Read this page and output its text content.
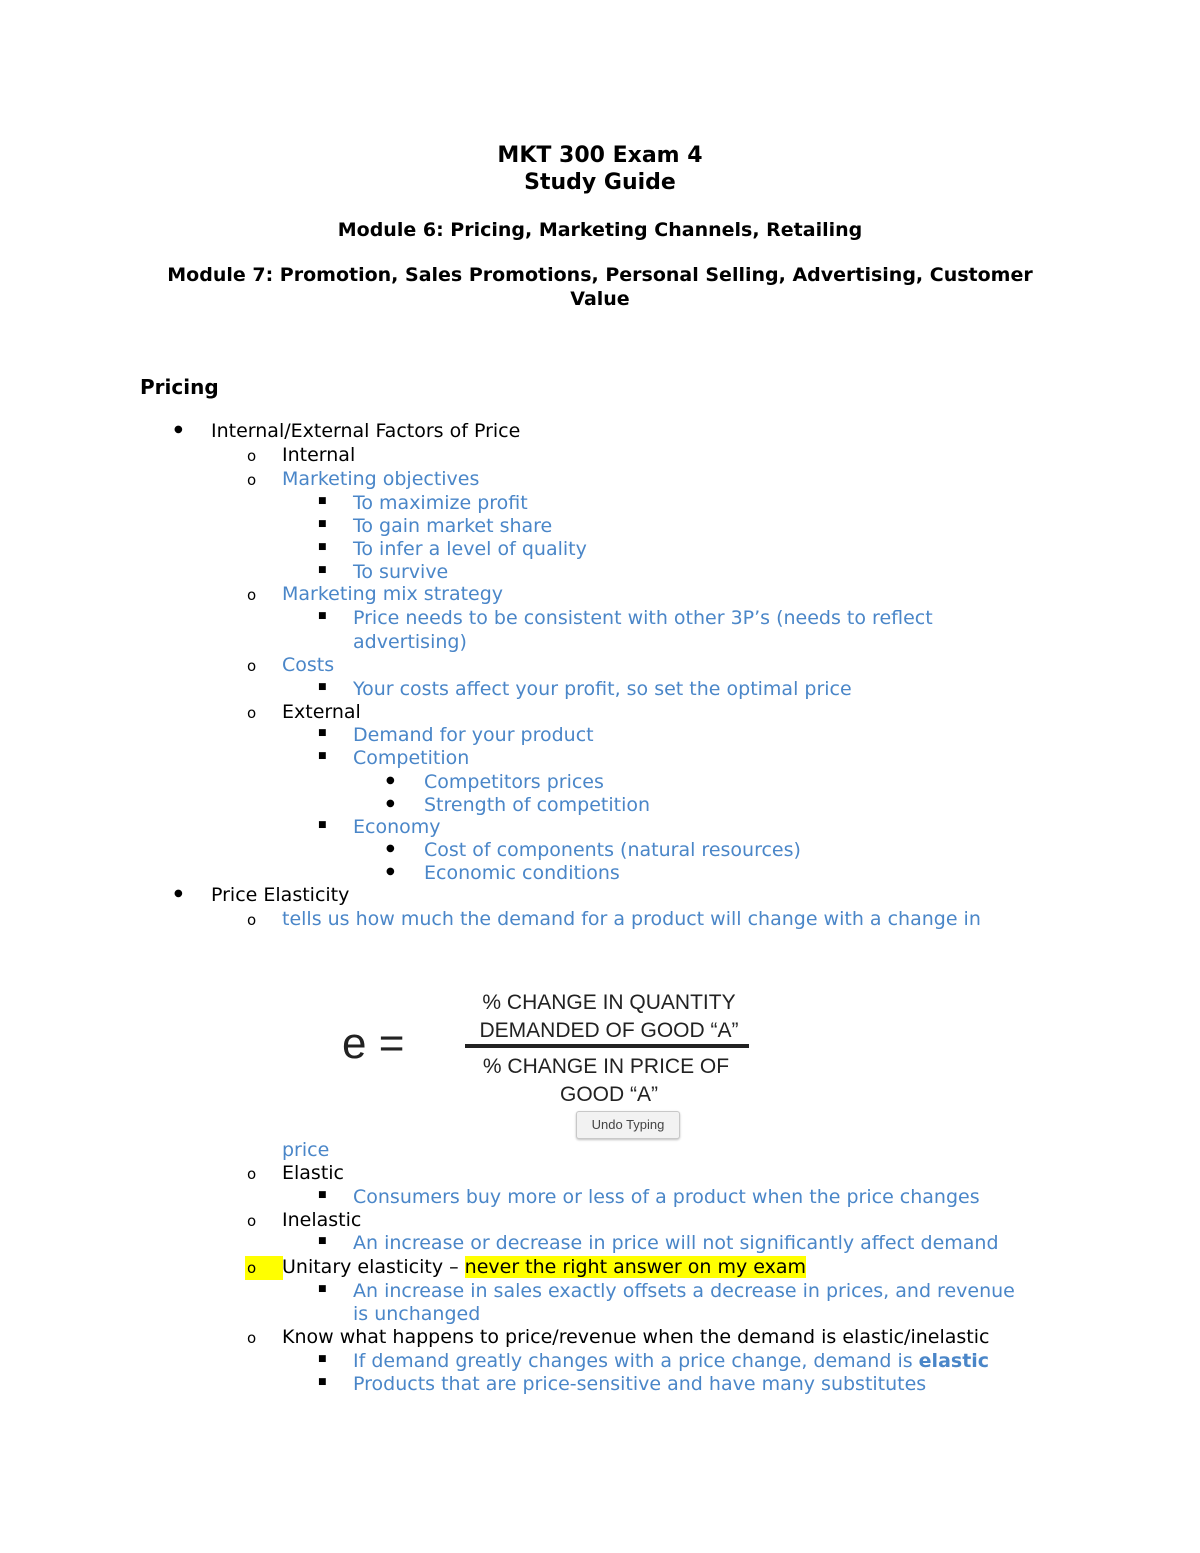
MKT 300 Exam 4
Study Guide
Module 6: Pricing, Marketing Channels, Retailing
Module 7: Promotion, Sales Promotions, Personal Selling, Advertising, Customer Value
Pricing
●
Internal/External Factors of Price
o
Internal
o
Marketing objectives
■
To maximize profit
■
To gain market share
■
To infer a level of quality
■
To survive
o
Marketing mix strategy
■
Price needs to be consistent with other 3P’s (needs to reflect
advertising)
o
Costs
■
Your costs affect your profit, so set the optimal price
o
External
■
Demand for your product
■
Competition
●
Competitors prices
●
Strength of competition
■
Economy
●
Cost of components (natural resources)
●
Economic conditions
●
Price Elasticity
o
tells us how much the demand for a product will change with a change in
e =
% CHANGE IN QUANTITY
DEMANDED OF GOOD “A”
% CHANGE IN PRICE OF
GOOD “A”
Undo Typing
price
o
Elastic
■
Consumers buy more or less of a product when the price changes
o
Inelastic
■
An increase or decrease in price will not significantly affect demand
o
Unitary elasticity – never the right answer on my exam
■
An increase in sales exactly offsets a decrease in prices, and revenue
is unchanged
o
Know what happens to price/revenue when the demand is elastic/inelastic
■
If demand greatly changes with a price change, demand is elastic
■
Products that are price-sensitive and have many substitutes
